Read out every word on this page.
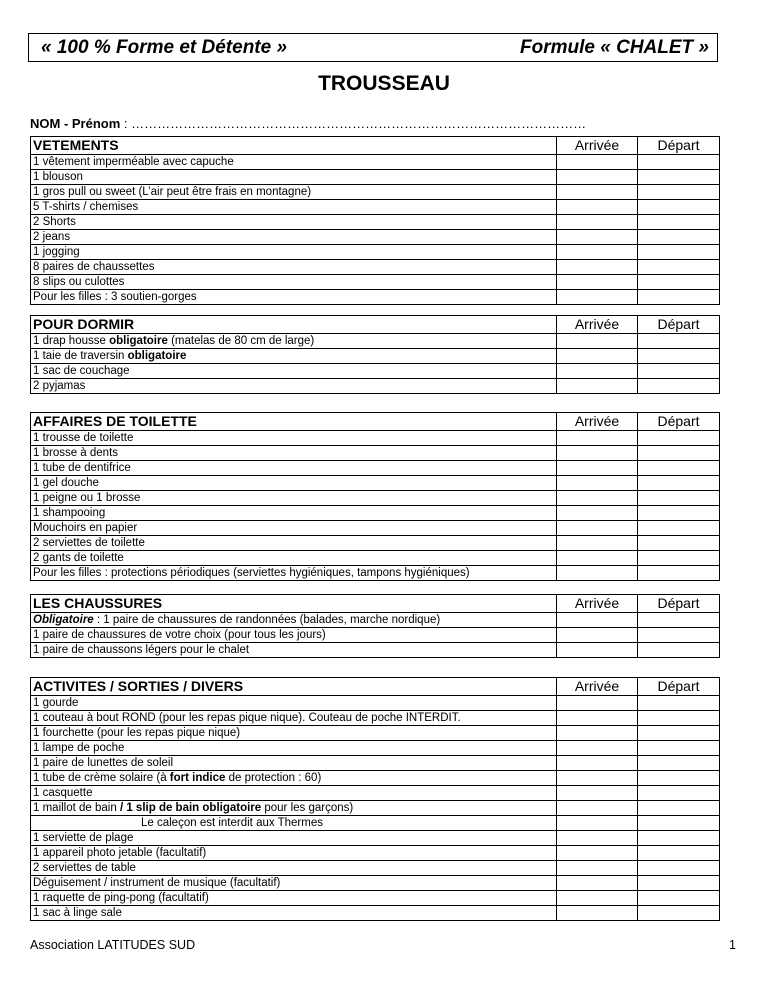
« 100 % Forme et Détente »	Formule « CHALET »
TROUSSEAU
NOM - Prénom : ……………………………………………………………………………………………
VETEMENTS	Arrivée	Départ
1 vêtement imperméable avec capuche		
1 blouson		
1 gros pull ou sweet (L’air peut être frais en montagne)		
5 T-shirts / chemises		
2 Shorts		
2 jeans		
1 jogging		
8 paires de chaussettes		
8 slips ou culottes		
Pour les filles : 3 soutien-gorges		
POUR DORMIR	Arrivée	Départ
1 drap housse obligatoire (matelas de 80 cm de large)		
1 taie de traversin obligatoire		
1 sac de couchage		
2 pyjamas		
AFFAIRES DE TOILETTE	Arrivée	Départ
1 trousse de toilette		
1 brosse à dents		
1 tube de dentifrice		
1 gel douche		
1 peigne ou 1 brosse		
1 shampooing		
Mouchoirs en papier		
2 serviettes de toilette		
2 gants de toilette		
Pour les filles : protections périodiques (serviettes hygiéniques, tampons hygiéniques)		
LES CHAUSSURES	Arrivée	Départ
Obligatoire : 1 paire de chaussures de randonnées (balades, marche nordique)		
1 paire de chaussures de votre choix (pour tous les jours)		
1 paire de chaussons légers pour le chalet		
ACTIVITES / SORTIES / DIVERS	Arrivée	Départ
1 gourde		
1 couteau à bout ROND (pour les repas pique nique). Couteau de poche INTERDIT.		
1 fourchette (pour les repas pique nique)		
1 lampe de poche		
1 paire de lunettes de soleil		
1 tube de crème solaire (à fort indice de protection : 60)		
1 casquette		
1 maillot de bain / 1 slip de bain obligatoire pour les garçons)		
Le caleçon est interdit aux Thermes		
1 serviette de plage		
1 appareil photo jetable (facultatif)		
2 serviettes de table		
Déguisement / instrument de musique (facultatif)		
1 raquette de ping-pong (facultatif)		
1 sac à linge sale		
Association LATITUDES SUD	1
